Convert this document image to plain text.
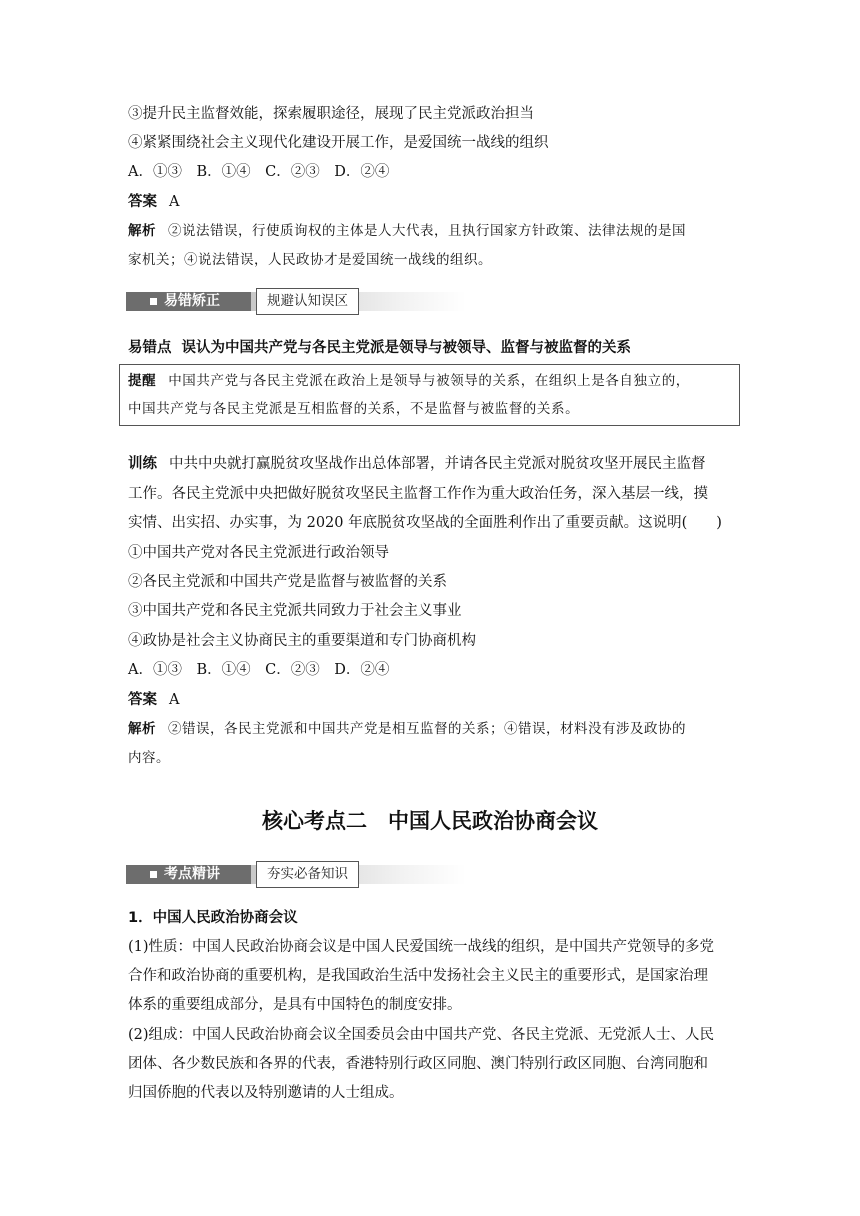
③提升民主监督效能，探索履职途径，展现了民主党派政治担当
④紧紧围绕社会主义现代化建设开展工作，是爱国统一战线的组织
A．①③　B．①④　C．②③　D．②④
答案 A
解析 ②说法错误，行使质询权的主体是人大代表，且执行国家方针政策、法律法规的是国
家机关；④说法错误，人民政协才是爱国统一战线的组织。
易错矫正	规避认知误区
易错点 误认为中国共产党与各民主党派是领导与被领导、监督与被监督的关系
提醒 中国共产党与各民主党派在政治上是领导与被领导的关系，在组织上是各自独立的，
中国共产党与各民主党派是互相监督的关系，不是监督与被监督的关系。
训练 中共中央就打赢脱贫攻坚战作出总体部署，并请各民主党派对脱贫攻坚开展民主监督
工作。各民主党派中央把做好脱贫攻坚民主监督工作作为重大政治任务，深入基层一线，摸
实情、出实招、办实事，为 2020 年底脱贫攻坚战的全面胜利作出了重要贡献。这说明(　　)
①中国共产党对各民主党派进行政治领导
②各民主党派和中国共产党是监督与被监督的关系
③中国共产党和各民主党派共同致力于社会主义事业
④政协是社会主义协商民主的重要渠道和专门协商机构
A．①③　B．①④　C．②③　D．②④
答案 A
解析 ②错误，各民主党派和中国共产党是相互监督的关系；④错误，材料没有涉及政协的
内容。
核心考点二　中国人民政治协商会议
考点精讲	夯实必备知识
1．中国人民政治协商会议
(1)性质：中国人民政治协商会议是中国人民爱国统一战线的组织，是中国共产党领导的多党
合作和政治协商的重要机构，是我国政治生活中发扬社会主义民主的重要形式，是国家治理
体系的重要组成部分，是具有中国特色的制度安排。
(2)组成：中国人民政治协商会议全国委员会由中国共产党、各民主党派、无党派人士、人民
团体、各少数民族和各界的代表，香港特别行政区同胞、澳门特别行政区同胞、台湾同胞和
归国侨胞的代表以及特别邀请的人士组成。
